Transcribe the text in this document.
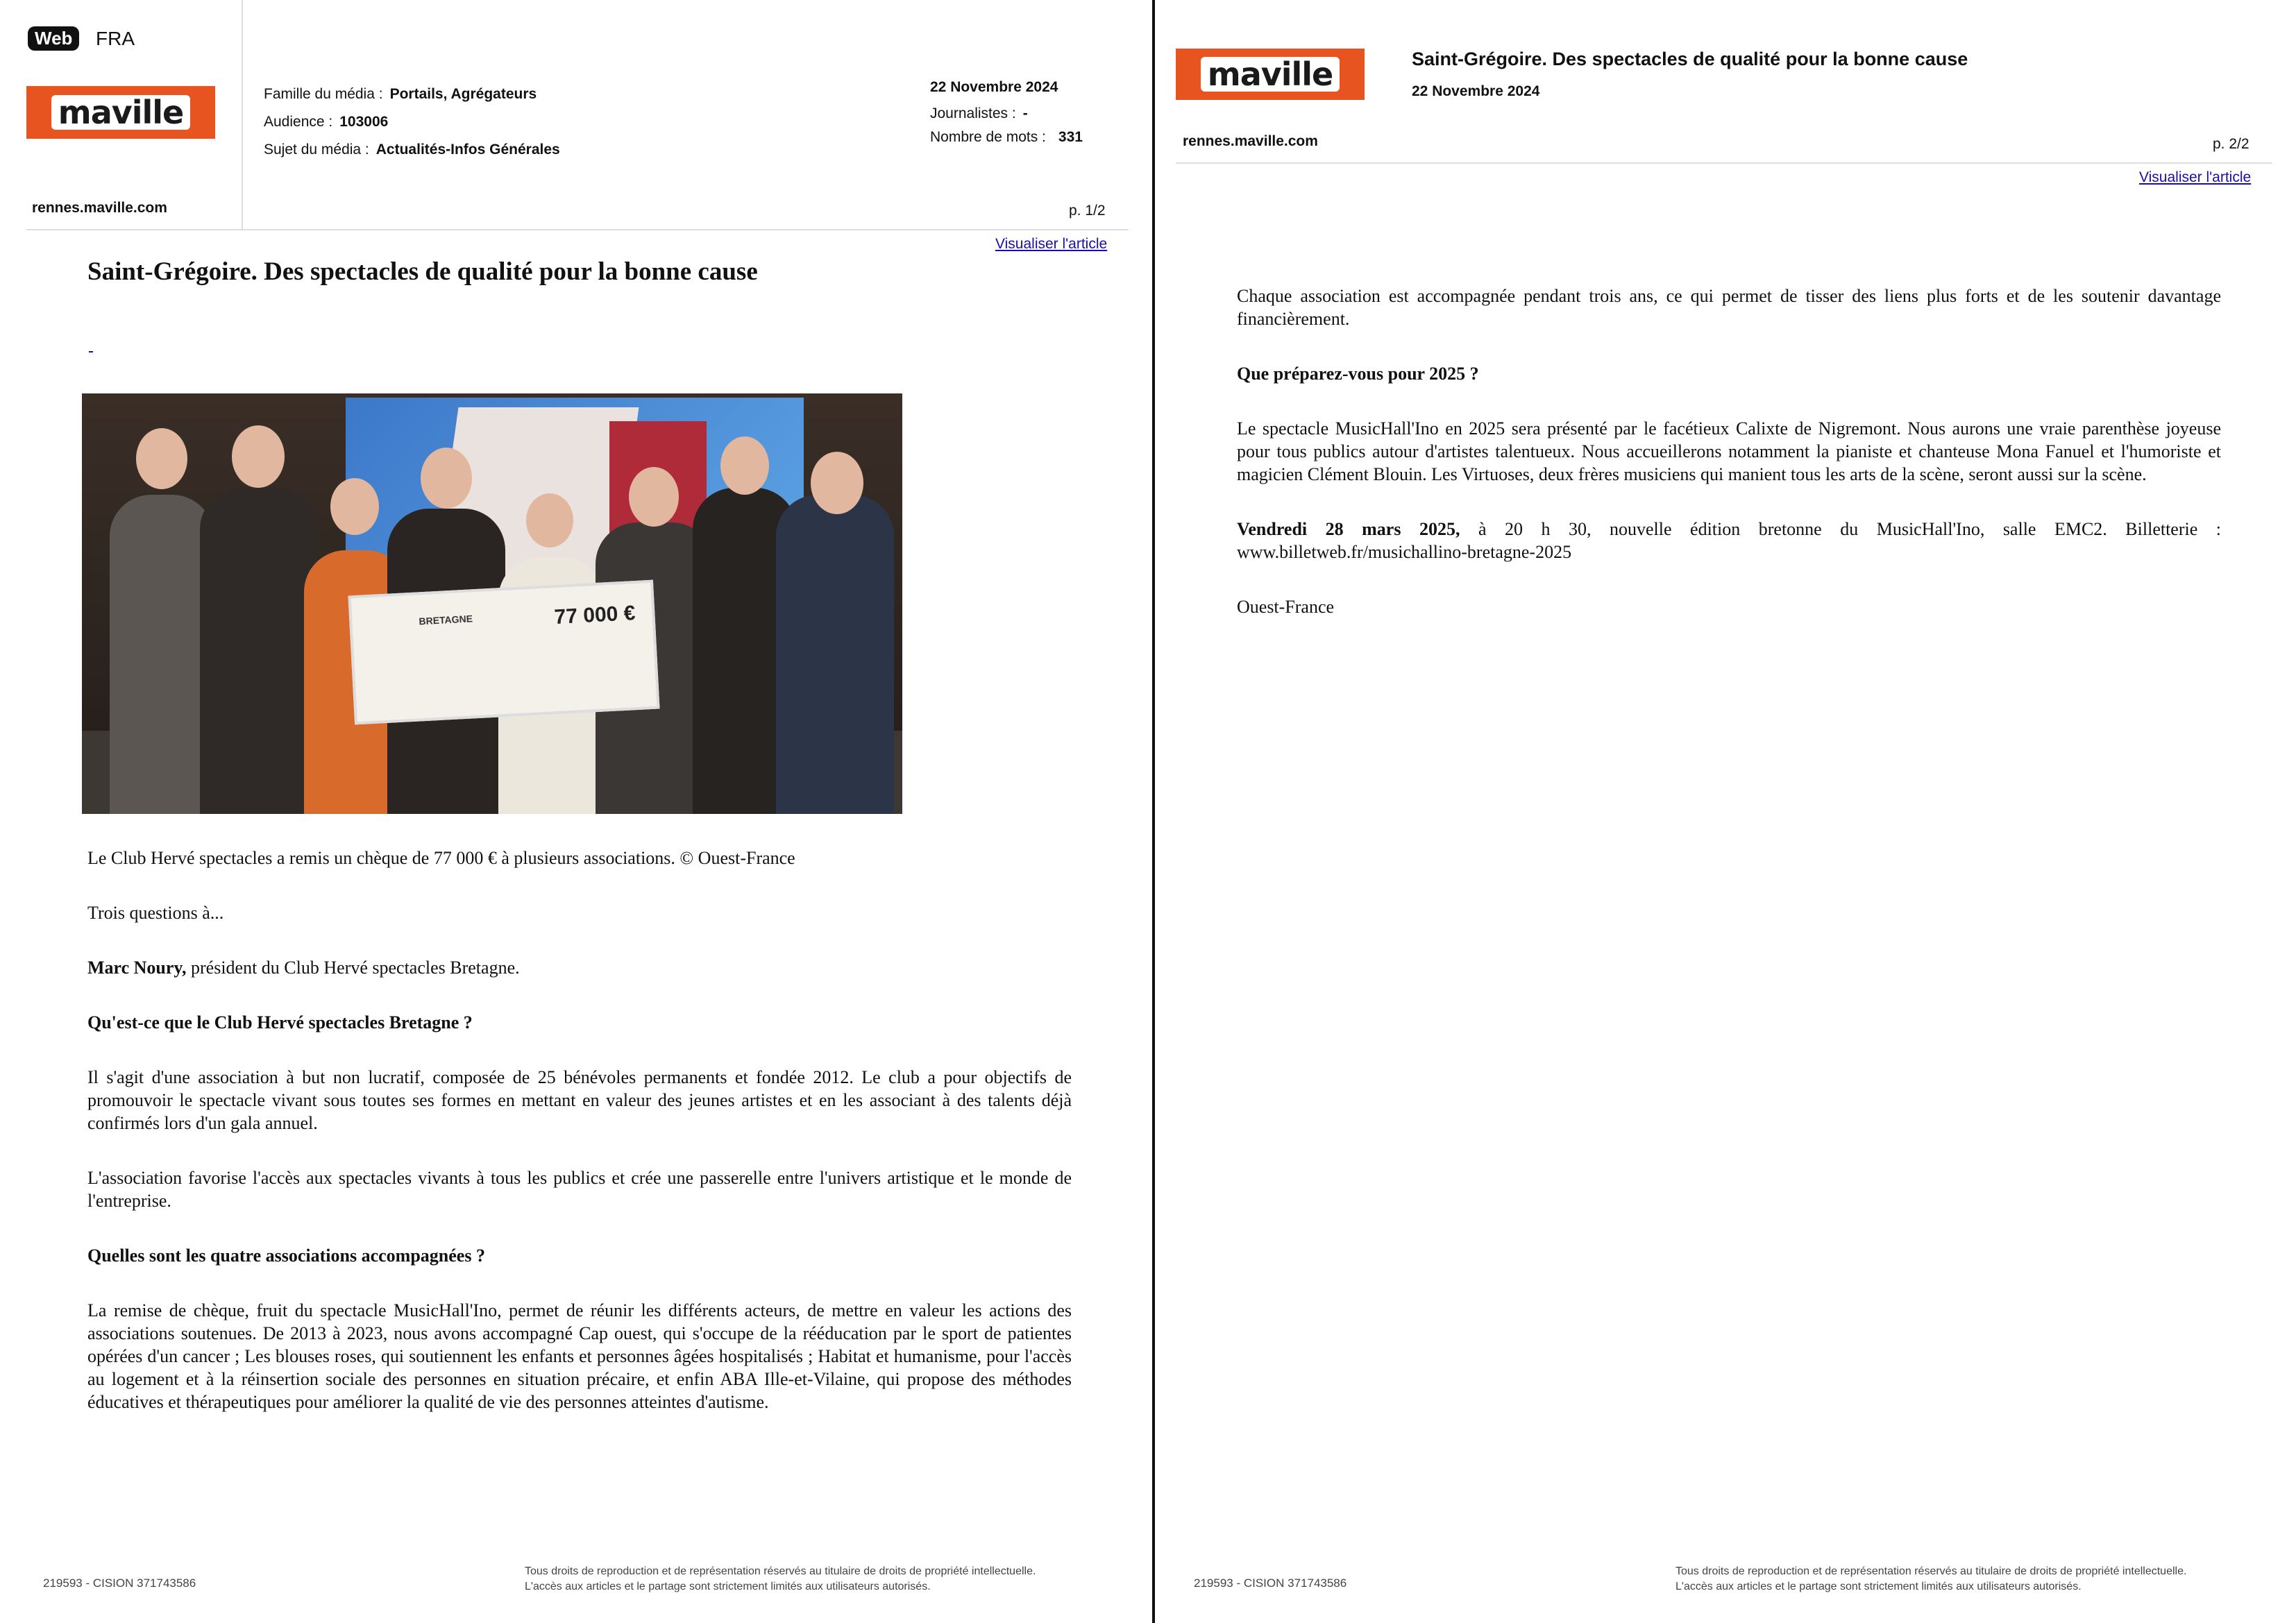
Web	FRA
maville
rennes.maville.com
Famille du média : Portails, Agrégateurs
Audience : 103006
Sujet du média : Actualités-Infos Générales
22 Novembre 2024
Journalistes : -
Nombre de mots : 331
p. 1/2
Visualiser l'article
Saint-Grégoire. Des spectacles de qualité pour la bonne cause
BRETAGNE	77 000 €

Le Club Hervé spectacles a remis un chèque de 77 000 € à plusieurs associations. © Ouest-France

Trois questions à...

Marc Noury, président du Club Hervé spectacles Bretagne.

Qu'est-ce que le Club Hervé spectacles Bretagne ?

Il s'agit d'une association à but non lucratif, composée de 25 bénévoles permanents et fondée 2012. Le club a pour objectifs de promouvoir le spectacle vivant sous toutes ses formes en mettant en valeur des jeunes artistes et en les associant à des talents déjà confirmés lors d'un gala annuel.

L'association favorise l'accès aux spectacles vivants à tous les publics et crée une passerelle entre l'univers artistique et le monde de l'entreprise.

Quelles sont les quatre associations accompagnées ?

La remise de chèque, fruit du spectacle MusicHall'Ino, permet de réunir les différents acteurs, de mettre en valeur les actions des associations soutenues. De 2013 à 2023, nous avons accompagné Cap ouest, qui s'occupe de la rééducation par le sport de patientes opérées d'un cancer ; Les blouses roses, qui soutiennent les enfants et personnes âgées hospitalisés ; Habitat et humanisme, pour l'accès au logement et à la réinsertion sociale des personnes en situation précaire, et enfin ABA Ille-et-Vilaine, qui propose des méthodes éducatives et thérapeutiques pour améliorer la qualité de vie des personnes atteintes d'autisme.

219593 - CISION 371743586
Tous droits de reproduction et de représentation réservés au titulaire de droits de propriété intellectuelle.
L'accès aux articles et le partage sont strictement limités aux utilisateurs autorisés.
maville	Saint-Grégoire. Des spectacles de qualité pour la bonne cause
22 Novembre 2024
rennes.maville.com	p. 2/2
Visualiser l'article

Chaque association est accompagnée pendant trois ans, ce qui permet de tisser des liens plus forts et de les soutenir davantage financièrement.

Que préparez-vous pour 2025 ?

Le spectacle MusicHall'Ino en 2025 sera présenté par le facétieux Calixte de Nigremont. Nous aurons une vraie parenthèse joyeuse pour tous publics autour d'artistes talentueux. Nous accueillerons notamment la pianiste et chanteuse Mona Fanuel et l'humoriste et magicien Clément Blouin. Les Virtuoses, deux frères musiciens qui manient tous les arts de la scène, seront aussi sur la scène.

Vendredi 28 mars 2025, à 20 h 30, nouvelle édition bretonne du MusicHall'Ino, salle EMC2. Billetterie : www.billetweb.fr/musichallino-bretagne-2025

Ouest-France

219593 - CISION 371743586
Tous droits de reproduction et de représentation réservés au titulaire de droits de propriété intellectuelle.
L'accès aux articles et le partage sont strictement limités aux utilisateurs autorisés.
